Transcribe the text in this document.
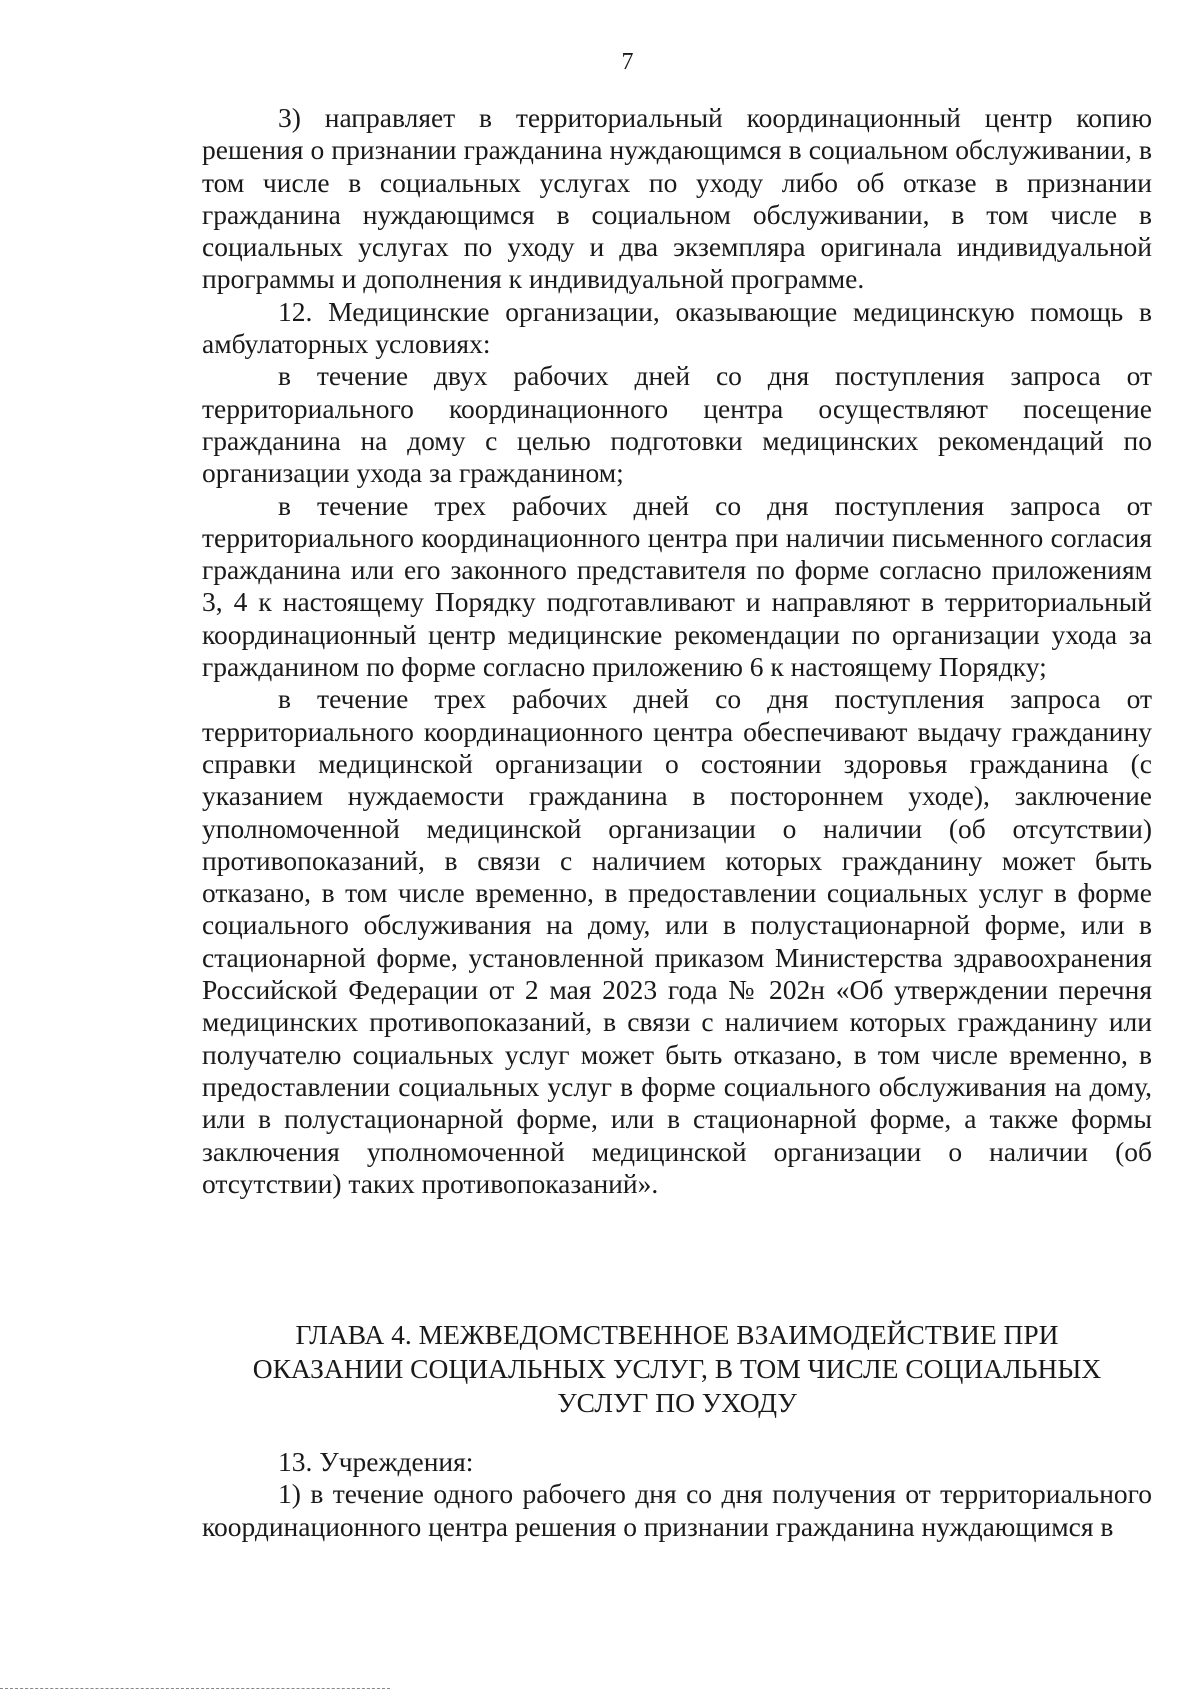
7

3) направляет в территориальный координационный центр копию решения о признании гражданина нуждающимся в социальном обслуживании, в том числе в социальных услугах по уходу либо об отказе в признании гражданина нуждающимся в социальном обслуживании, в том числе в социальных услугах по уходу и два экземпляра оригинала индивидуальной программы и дополнения к индивидуальной программе.

12. Медицинские организации, оказывающие медицинскую помощь в амбулаторных условиях:

в течение двух рабочих дней со дня поступления запроса от территориального координационного центра осуществляют посещение гражданина на дому с целью подготовки медицинских рекомендаций по организации ухода за гражданином;

в течение трех рабочих дней со дня поступления запроса от территориального координационного центра при наличии письменного согласия гражданина или его законного представителя по форме согласно приложениям 3, 4 к настоящему Порядку подготавливают и направляют в территориальный координационный центр медицинские рекомендации по организации ухода за гражданином по форме согласно приложению 6 к настоящему Порядку;

в течение трех рабочих дней со дня поступления запроса от территориального координационного центра обеспечивают выдачу гражданину справки медицинской организации о состоянии здоровья гражданина (с указанием нуждаемости гражданина в постороннем уходе), заключение уполномоченной медицинской организации о наличии (об отсутствии) противопоказаний, в связи с наличием которых гражданину может быть отказано, в том числе временно, в предоставлении социальных услуг в форме социального обслуживания на дому, или в полустационарной форме, или в стационарной форме, установленной приказом Министерства здравоохранения Российской Федерации от 2 мая 2023 года № 202н «Об утверждении перечня медицинских противопоказаний, в связи с наличием которых гражданину или получателю социальных услуг может быть отказано, в том числе временно, в предоставлении социальных услуг в форме социального обслуживания на дому, или в полустационарной форме, или в стационарной форме, а также формы заключения уполномоченной медицинской организации о наличии (об отсутствии) таких противопоказаний».

ГЛАВА 4. МЕЖВЕДОМСТВЕННОЕ ВЗАИМОДЕЙСТВИЕ ПРИ
ОКАЗАНИИ СОЦИАЛЬНЫХ УСЛУГ, В ТОМ ЧИСЛЕ СОЦИАЛЬНЫХ
УСЛУГ ПО УХОДУ

13. Учреждения:

1) в течение одного рабочего дня со дня получения от территориального координационного центра решения о признании гражданина нуждающимся в
